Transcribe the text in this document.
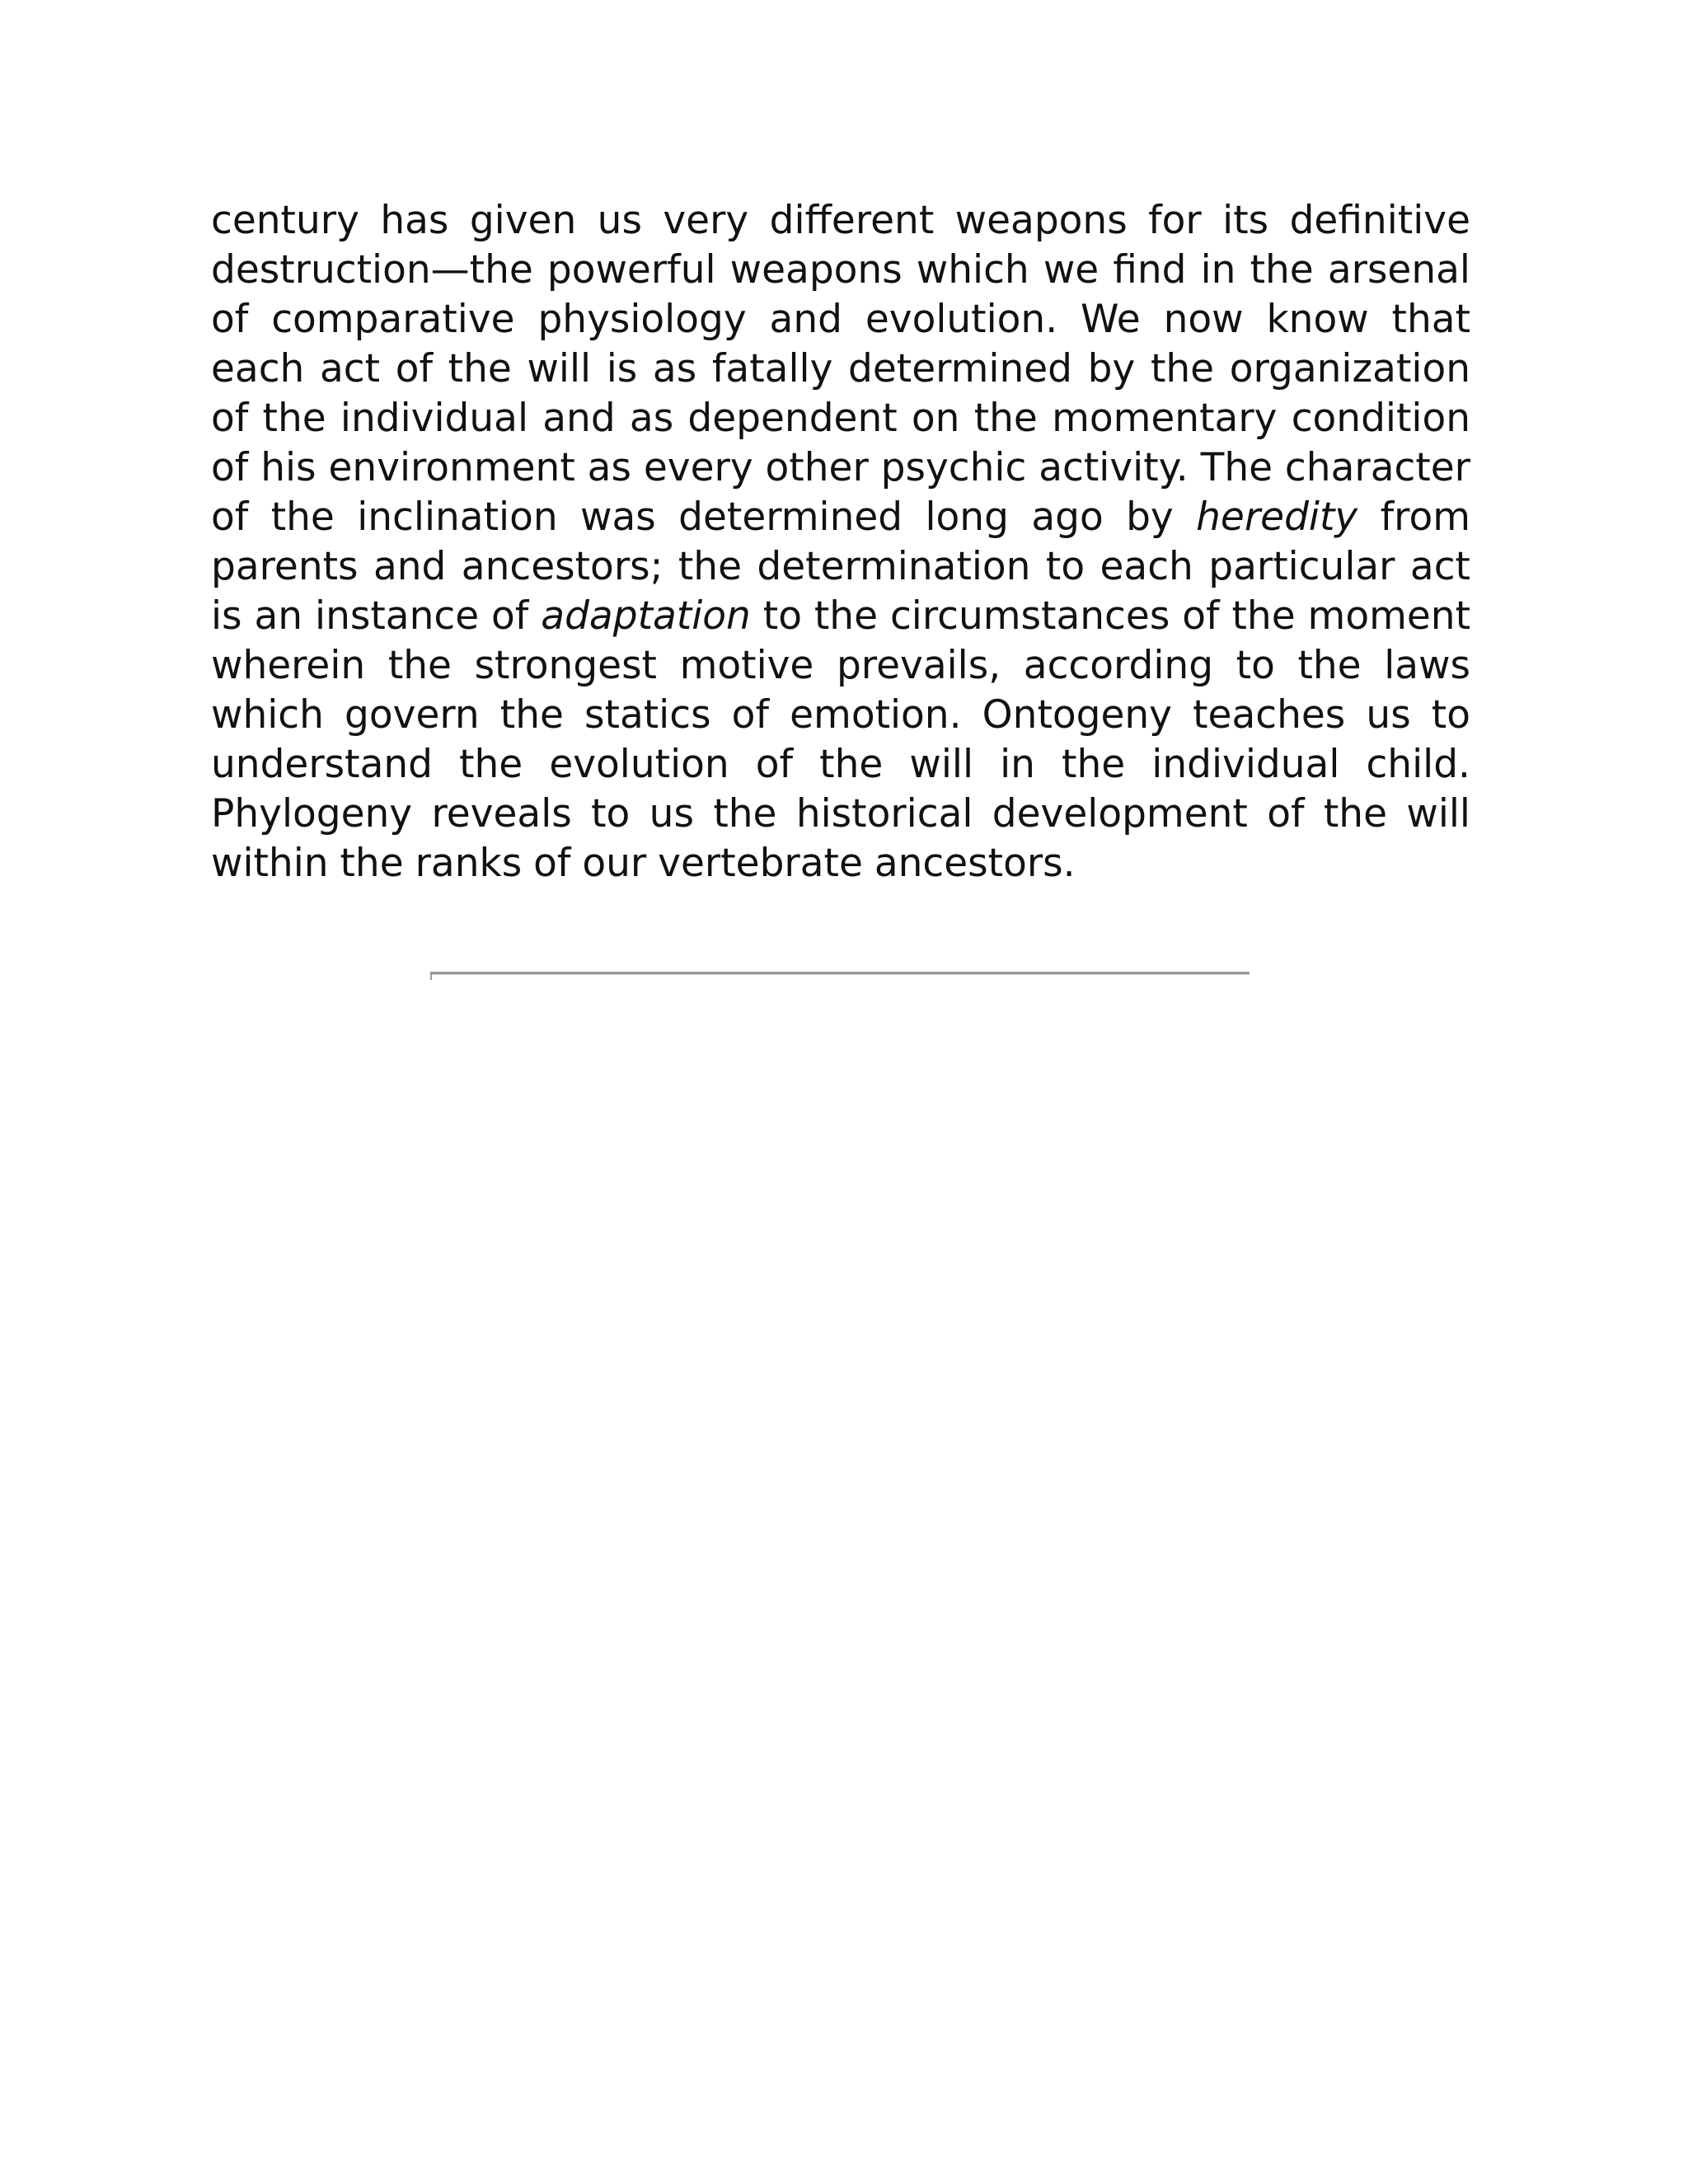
century has given us very different weapons for its definitive destruction—the powerful weapons which we find in the arsenal of comparative physiology and evolution. We now know that each act of the will is as fatally determined by the organization of the individual and as dependent on the momentary condition of his environment as every other psychic activity. The character of the inclination was determined long ago by heredity from parents and ancestors; the determination to each particular act is an instance of adaptation to the circumstances of the moment wherein the strongest motive prevails, according to the laws which govern the statics of emotion. Ontogeny teaches us to understand the evolution of the will in the individual child. Phylogeny reveals to us the historical development of the will within the ranks of our vertebrate ancestors.
